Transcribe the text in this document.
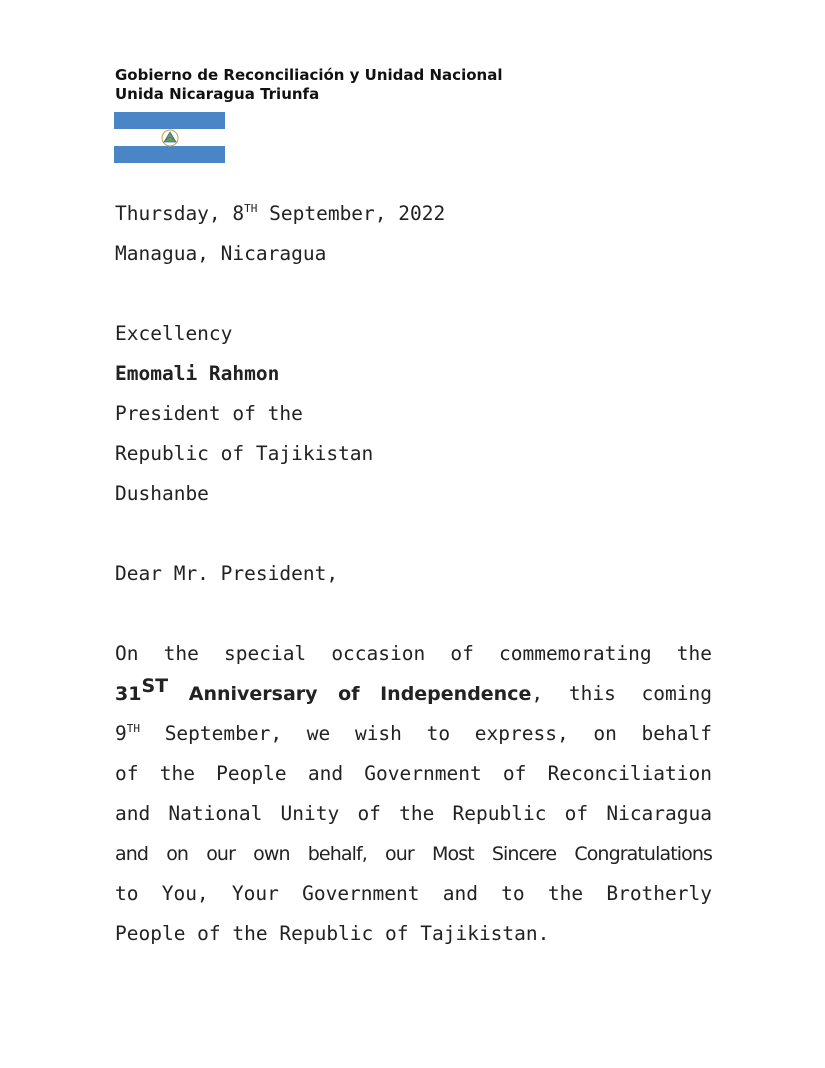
Gobierno de Reconciliación y Unidad Nacional
Unida Nicaragua Triunfa
Thursday, 8TH September, 2022
Managua, Nicaragua
Excellency
Emomali Rahmon
President of the
Republic of Tajikistan
Dushanbe
Dear Mr. President,
On the special occasion of commemorating the
31ST Anniversary of Independence, this coming
9TH September, we wish to express, on behalf
of the People and Government of Reconciliation
and National Unity of the Republic of Nicaragua
and on our own behalf, our Most Sincere Congratulations
to You, Your Government and to the Brotherly
People of the Republic of Tajikistan.
